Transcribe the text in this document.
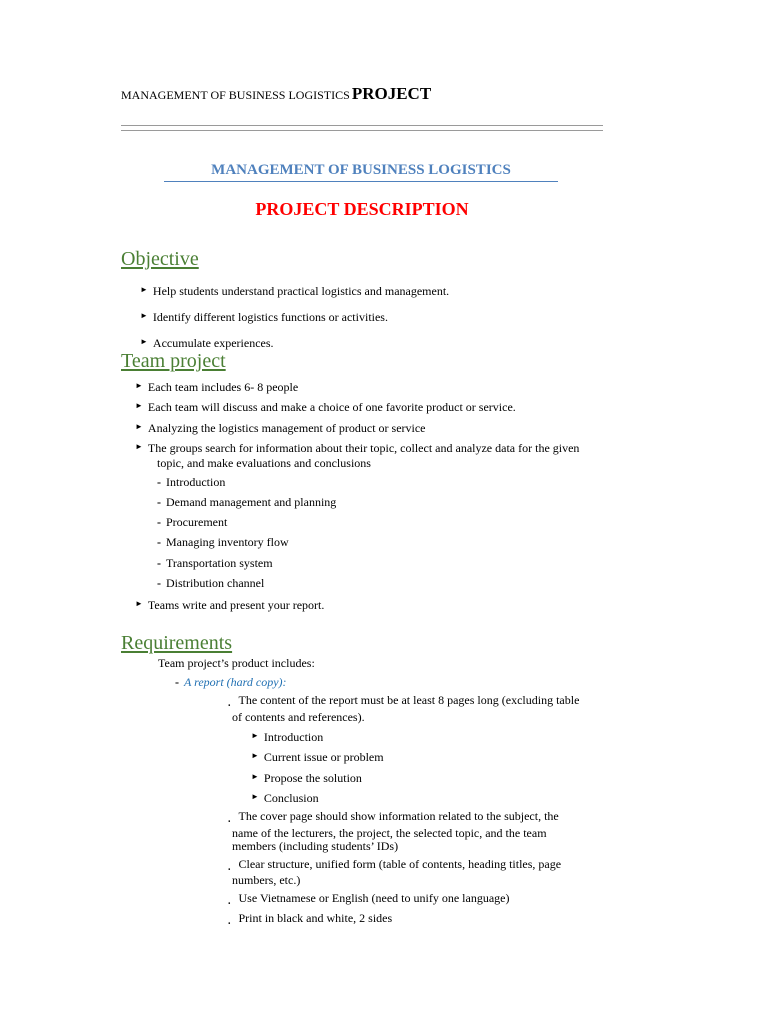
MANAGEMENT OF BUSINESS LOGISTICS PROJECT
MANAGEMENT OF BUSINESS LOGISTICS
PROJECT DESCRIPTION
Objective
► Help students understand practical logistics and management.
► Identify different logistics functions or activities.
► Accumulate experiences.
Team project
► Each team includes 6- 8 people
► Each team will discuss and make a choice of one favorite product or service.
► Analyzing the logistics management of product or service
► The groups search for information about their topic, collect and analyze data for the given
topic, and make evaluations and conclusions
- Introduction
- Demand management and planning
- Procurement
- Managing inventory flow
- Transportation system
- Distribution channel
► Teams write and present your report.
Requirements
Team project’s product includes:
- A report (hard copy):
. The content of the report must be at least 8 pages long (excluding table
of contents and references).
► Introduction
► Current issue or problem
► Propose the solution
► Conclusion
. The cover page should show information related to the subject, the
name of the lecturers, the project, the selected topic, and the team
members (including students’ IDs)
. Clear structure, unified form (table of contents, heading titles, page
numbers, etc.)
. Use Vietnamese or English (need to unify one language)
. Print in black and white, 2 sides
